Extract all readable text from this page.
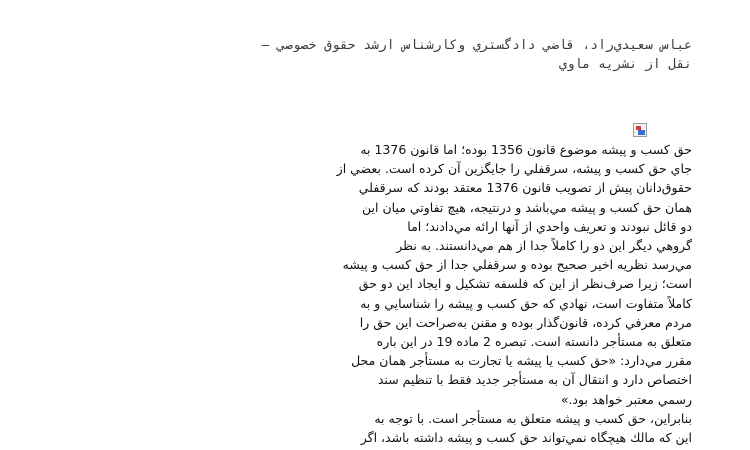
عباس سعيدي‌راد، قاضي دادگستري وكارشناس ارشد حقوق خصوصي –
نقل از نشريه ماوي
حق كسب و پيشه موضوع قانون 1356 بوده؛ اما قانون 1376 به
جاي حق كسب و پيشه، سرقفلي را جايگزين آن كرده است. بعضي از
حقوق‌دانان پيش از تصويب قانون 1376 معتقد بودند كه سرقفلي
همان حق كسب و پيشه مي‌باشد و درنتيجه، هيچ تفاوتي ميان اين
دو قائل نبودند و تعريف واحدي از آنها ارائه مي‌دادند؛ اما
گروهي ديگر اين دو را كاملاً جدا از هم مي‌دانستند. به نظر
مي‌رسد نظريه اخير صحيح بوده و سرقفلي جدا از حق كسب و پيشه
است؛ زيرا صرف‌نظر از اين كه فلسفه تشكيل و ايجاد اين دو حق
كاملاً متفاوت است، نهادي كه حق كسب و پيشه را شناسايي و به
مردم معرفي كرده، قانون‌گذار بوده و مقنن به‌صراحت اين حق را
متعلق به مستأجر دانسته است. تبصره 2 ماده 19 در اين باره
مقرر مي‌دارد: «حق كسب يا پيشه يا تجارت به مستأجر همان محل
اختصاص دارد و انتقال آن به مستأجر جديد فقط با تنظيم سند
رسمي معتبر خواهد بود.»
بنابراين، حق كسب و پيشه متعلق به مستأجر است. با توجه به
اين كه مالك هيچگاه نمي‌تواند حق كسب و پيشه داشته باشد، اگر
